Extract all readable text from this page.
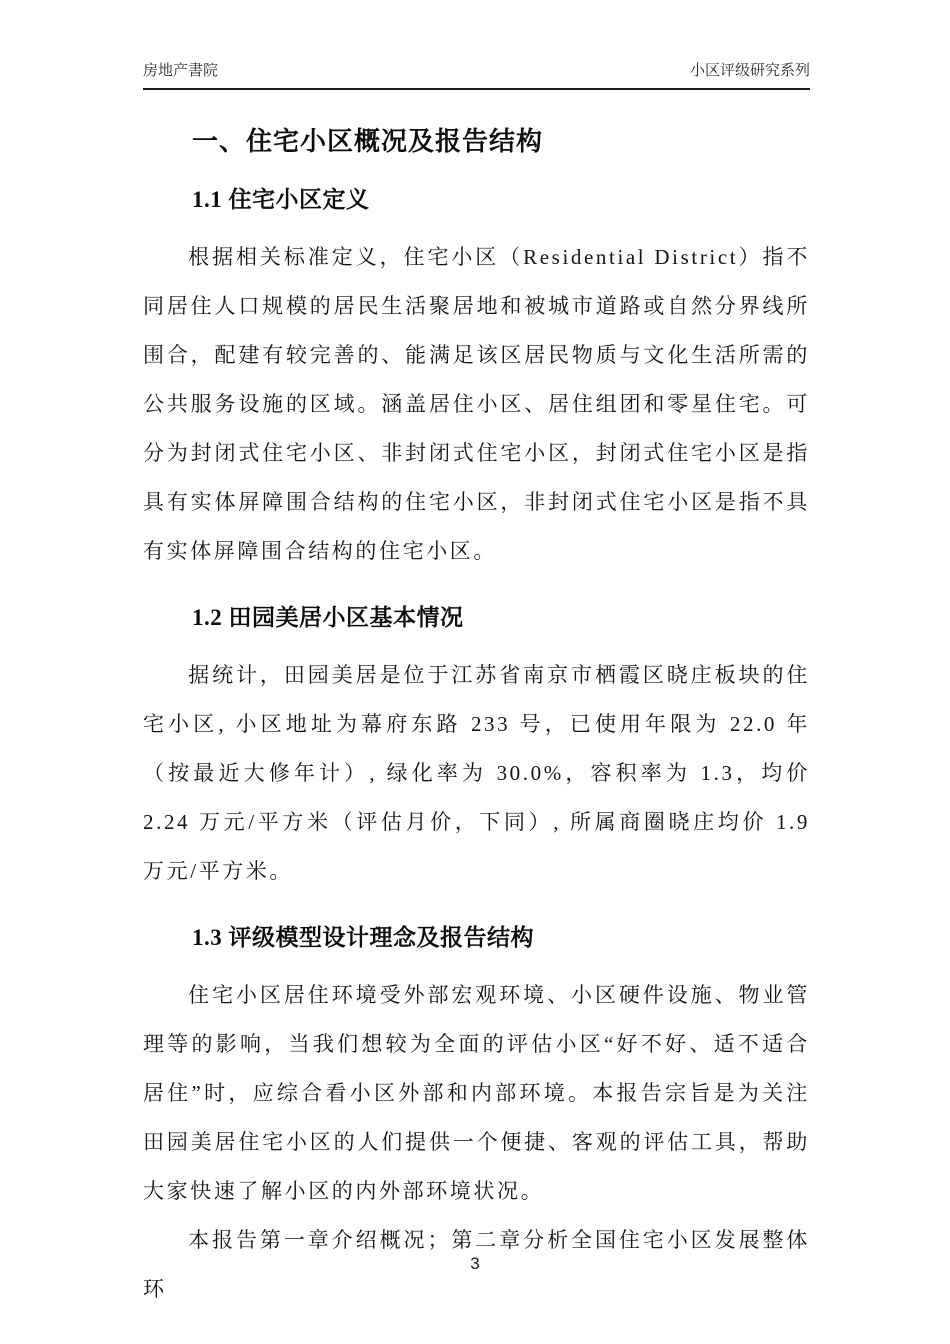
房地产書院	小区评级研究系列
一、住宅小区概况及报告结构
1.1 住宅小区定义

根据相关标准定义，住宅小区（Residential District）指不同居住人口规模的居民生活聚居地和被城市道路或自然分界线所围合，配建有较完善的、能满足该区居民物质与文化生活所需的公共服务设施的区域。涵盖居住小区、居住组团和零星住宅。可分为封闭式住宅小区、非封闭式住宅小区，封闭式住宅小区是指具有实体屏障围合结构的住宅小区，非封闭式住宅小区是指不具有实体屏障围合结构的住宅小区。

1.2 田园美居小区基本情况

据统计，田园美居是位于江苏省南京市栖霞区晓庄板块的住宅小区, 小区地址为幕府东路 233 号，已使用年限为 22.0 年（按最近大修年计）, 绿化率为 30.0%，容积率为 1.3，均价 2.24 万元/平方米（评估月价，下同）, 所属商圈晓庄均价 1.9 万元/平方米。

1.3 评级模型设计理念及报告结构

住宅小区居住环境受外部宏观环境、小区硬件设施、物业管理等的影响，当我们想较为全面的评估小区“好不好、适不适合居住”时，应综合看小区外部和内部环境。本报告宗旨是为关注田园美居住宅小区的人们提供一个便捷、客观的评估工具，帮助大家快速了解小区的内外部环境状况。

本报告第一章介绍概况；第二章分析全国住宅小区发展整体环

3
